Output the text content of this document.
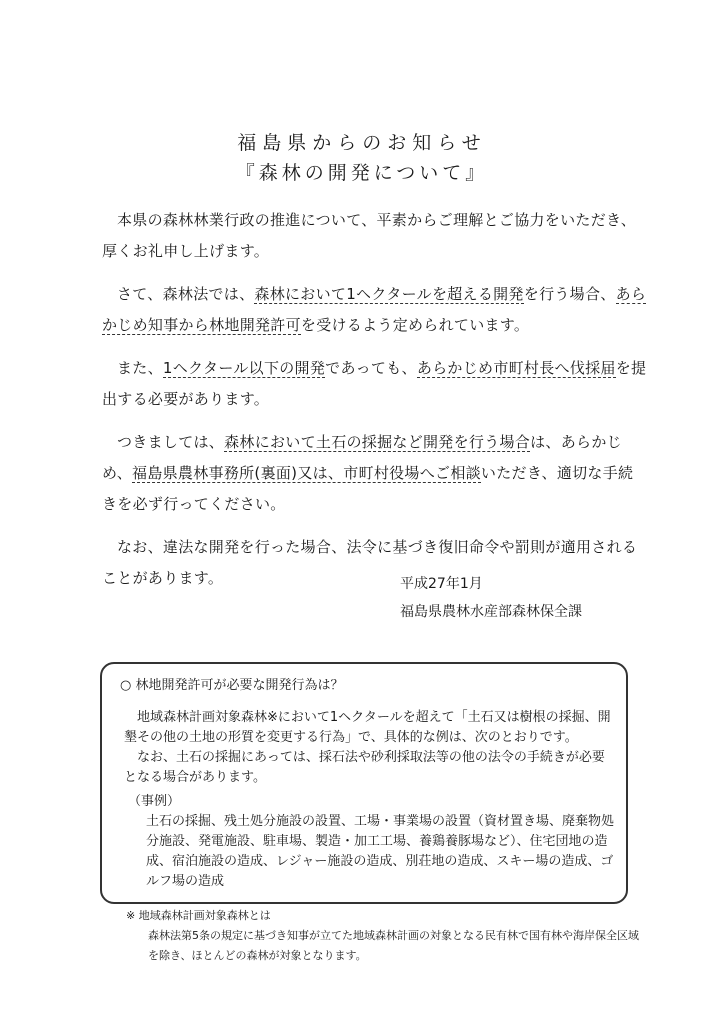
福島県からのお知らせ
『森林の開発について』

本県の森林林業行政の推進について、平素からご理解とご協力をいただき、厚くお礼申し上げます。

さて、森林法では、森林において1ヘクタールを超える開発を行う場合、あらかじめ知事から林地開発許可を受けるよう定められています。

また、1ヘクタール以下の開発であっても、あらかじめ市町村長へ伐採届を提出する必要があります。

つきましては、森林において土石の採掘など開発を行う場合は、あらかじめ、福島県農林事務所(裏面)又は、市町村役場へご相談いただき、適切な手続きを必ず行ってください。

なお、違法な開発を行った場合、法令に基づき復旧命令や罰則が適用されることがあります。	平成27年1月
福島県農林水産部森林保全課
○ 林地開発許可が必要な開発行為は？

地域森林計画対象森林※において1ヘクタールを超えて「土石又は樹根の採掘、開墾その他の土地の形質を変更する行為」で、具体的な例は、次のとおりです。

なお、土石の採掘にあっては、採石法や砂利採取法等の他の法令の手続きが必要となる場合があります。

（事例）
土石の採掘、残土処分施設の設置、工場・事業場の設置（資材置き場、廃棄物処分施設、発電施設、駐車場、製造・加工工場、養鶏養豚場など）、住宅団地の造成、宿泊施設の造成、レジャー施設の造成、別荘地の造成、スキー場の造成、ゴルフ場の造成
※ 地域森林計画対象森林とは
森林法第5条の規定に基づき知事が立てた地域森林計画の対象となる民有林で国有林や海岸保全区域を除き、ほとんどの森林が対象となります。
